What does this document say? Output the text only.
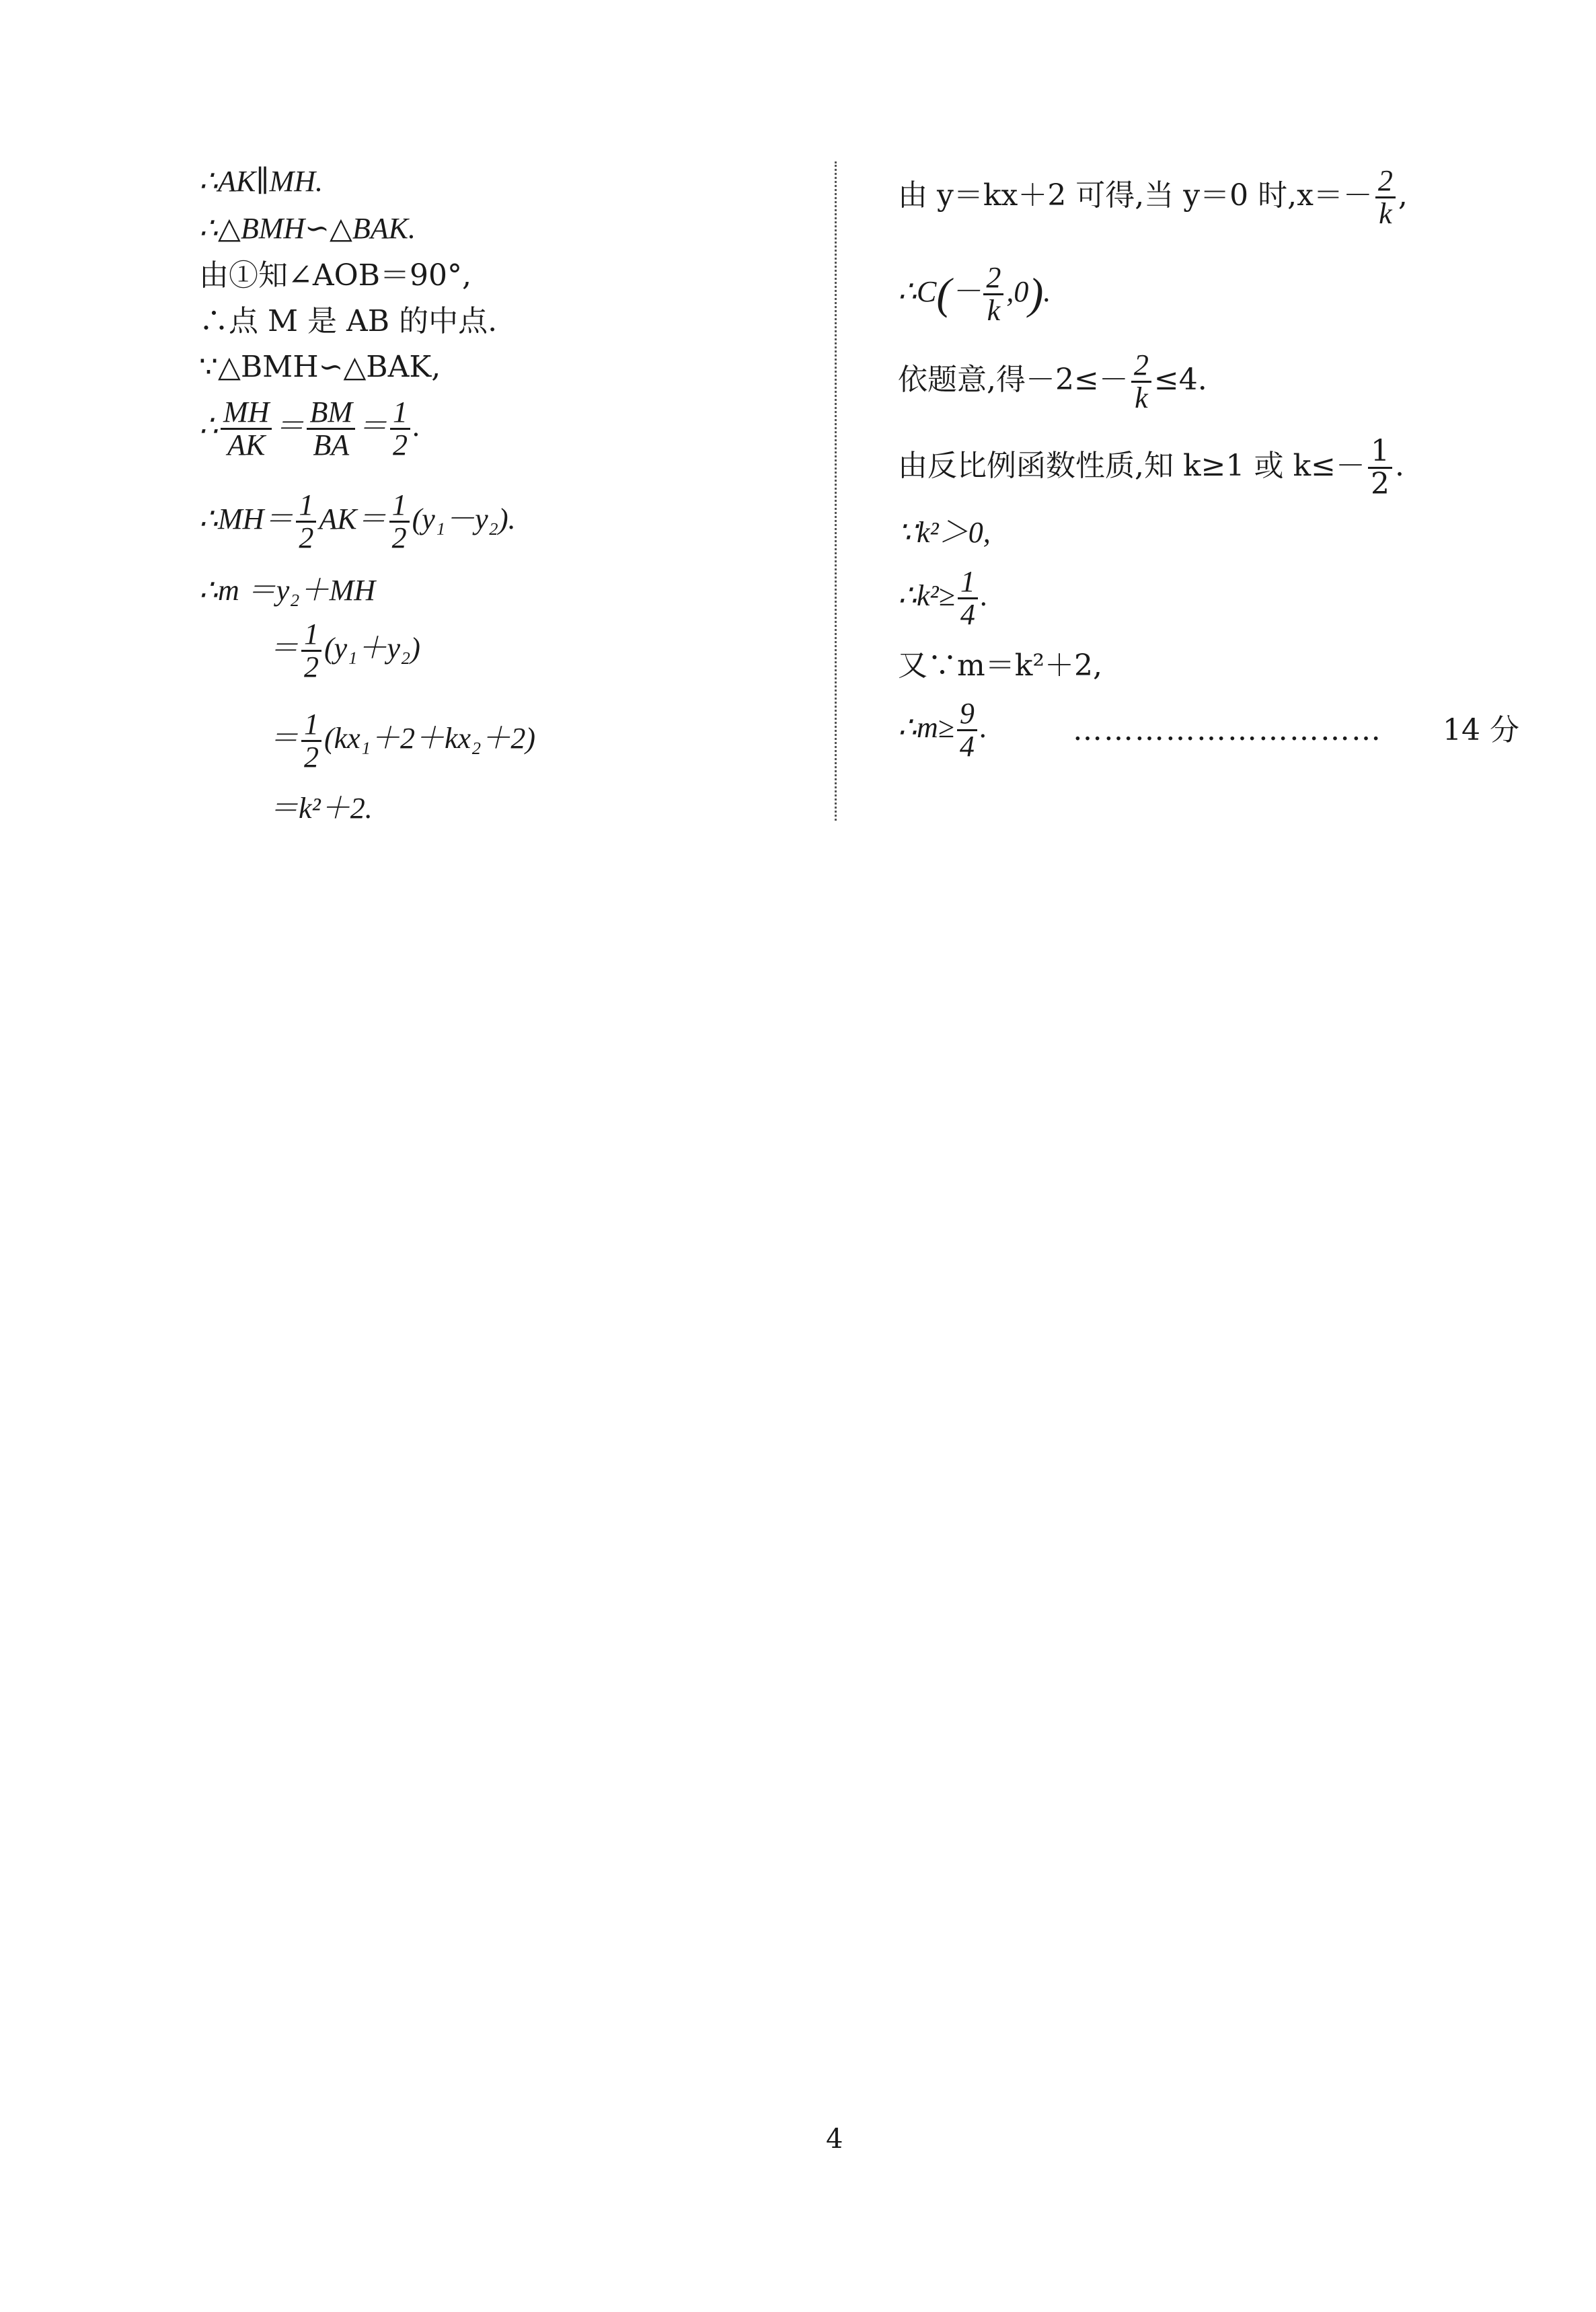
∴AK∥MH.
∴△BMH∽△BAK.
由①知∠AOB＝90°,
∴点 M 是 AB 的中点.
∵△BMH∽△BAK,
∴ $\frac{MH}{AK} = \frac{BM}{BA} = \frac{1}{2}$ .
∴MH＝ $\frac{1}{2} AK= \frac{1}{2} (y_1-y_2)$.
∴m ＝y₂＋MH
＝ $\frac{1}{2} (y_1+y_2)$
＝ $\frac{1}{2} (kx_1+2+kx_2+2)$
＝k²＋2.
由 y＝kx＋2 可得,当 y＝0 时$,x=- \frac{2}{k}$ ,
∴C(－ $\frac{2}{k} ,0$).
依题意,得$-2\le- \frac{2}{k} \le 4$.
由反比例函数性质,知 k≥1 或 $k\le- \frac{1}{2}$ .
∵k²＞0,
∴k²≥ $\frac{1}{4}$ .
又∵m＝k²＋2,
∴m≥ $\frac{9}{4}$ .	………………………… 14 分
4
